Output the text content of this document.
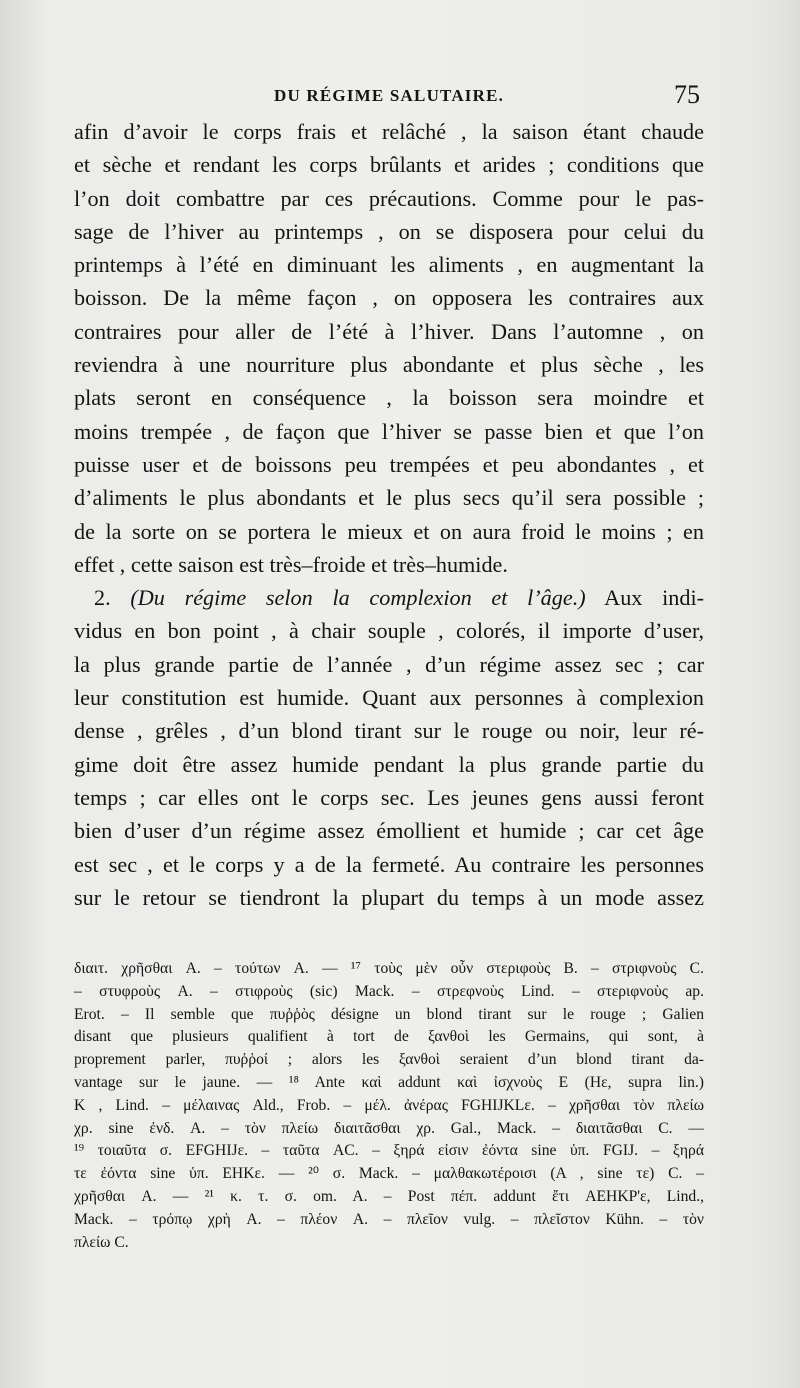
DU RÉGIME SALUTAIRE.	75
afin d’avoir le corps frais et relâché , la saison étant chaude
et sèche et rendant les corps brûlants et arides ; conditions que
l’on doit combattre par ces précautions. Comme pour le pas-
sage de l’hiver au printemps , on se disposera pour celui du
printemps à l’été en diminuant les aliments , en augmentant la
boisson. De la même façon , on opposera les contraires aux
contraires pour aller de l’été à l’hiver. Dans l’automne , on
reviendra à une nourriture plus abondante et plus sèche , les
plats seront en conséquence , la boisson sera moindre et
moins trempée , de façon que l’hiver se passe bien et que l’on
puisse user et de boissons peu trempées et peu abondantes , et
d’aliments le plus abondants et le plus secs qu’il sera possible ;
de la sorte on se portera le mieux et on aura froid le moins ; en
effet , cette saison est très–froide et très–humide.
2. (Du régime selon la complexion et l’âge.) Aux indi-
vidus en bon point , à chair souple , colorés, il importe d’user,
la plus grande partie de l’année , d’un régime assez sec ; car
leur constitution est humide. Quant aux personnes à complexion
dense , grêles , d’un blond tirant sur le rouge ou noir, leur ré-
gime doit être assez humide pendant la plus grande partie du
temps ; car elles ont le corps sec. Les jeunes gens aussi feront
bien d’user d’un régime assez émollient et humide ; car cet âge
est sec , et le corps y a de la fermeté. Au contraire les personnes
sur le retour se tiendront la plupart du temps à un mode assez
διαιτ. χρῆσθαι A. – τούτων A. — ¹⁷ τοὺς μὲν οὖν στεριφοὺς B. – στριφνοὺς C.
– στυφροὺς A. – στιφροὺς (sic) Mack. – στρεφνοὺς Lind. – στεριφνοὺς ap.
Erot. – Il semble que πυῤῥὸς désigne un blond tirant sur le rouge ; Galien
disant que plusieurs qualifient à tort de ξανθοὶ les Germains, qui sont, à
proprement parler, πυῤῥοί ; alors les ξανθοὶ seraient d’un blond tirant da-
vantage sur le jaune. — ¹⁸ Ante καὶ addunt καὶ ἰσχνοὺς E (Hε, supra lin.)
K , Lind. – μέλαινας Ald., Frob. – μέλ. ἀνέρας FGHIJKLε. – χρῆσθαι τὸν πλείω
χρ. sine ἐνδ. A. – τὸν πλείω διαιτᾶσθαι χρ. Gal., Mack. – διαιτᾶσθαι C. —
¹⁹ τοιαῦτα σ. EFGHIJε. – ταῦτα AC. – ξηρά εἰσιν ἐόντα sine ὑπ. FGIJ. – ξηρά
τε ἐόντα sine ὑπ. EHKε. — ²⁰ σ. Mack. – μαλθακωτέροισι (A , sine τε) C. –
χρῆσθαι A. — ²¹ κ. τ. σ. om. A. – Post πέπ. addunt ἔτι AEHKP'ε, Lind.,
Mack. – τρόπῳ χρὴ A. – πλέον A. – πλεῖον vulg. – πλεῖστον Kühn. – τὸν
πλείω C.
